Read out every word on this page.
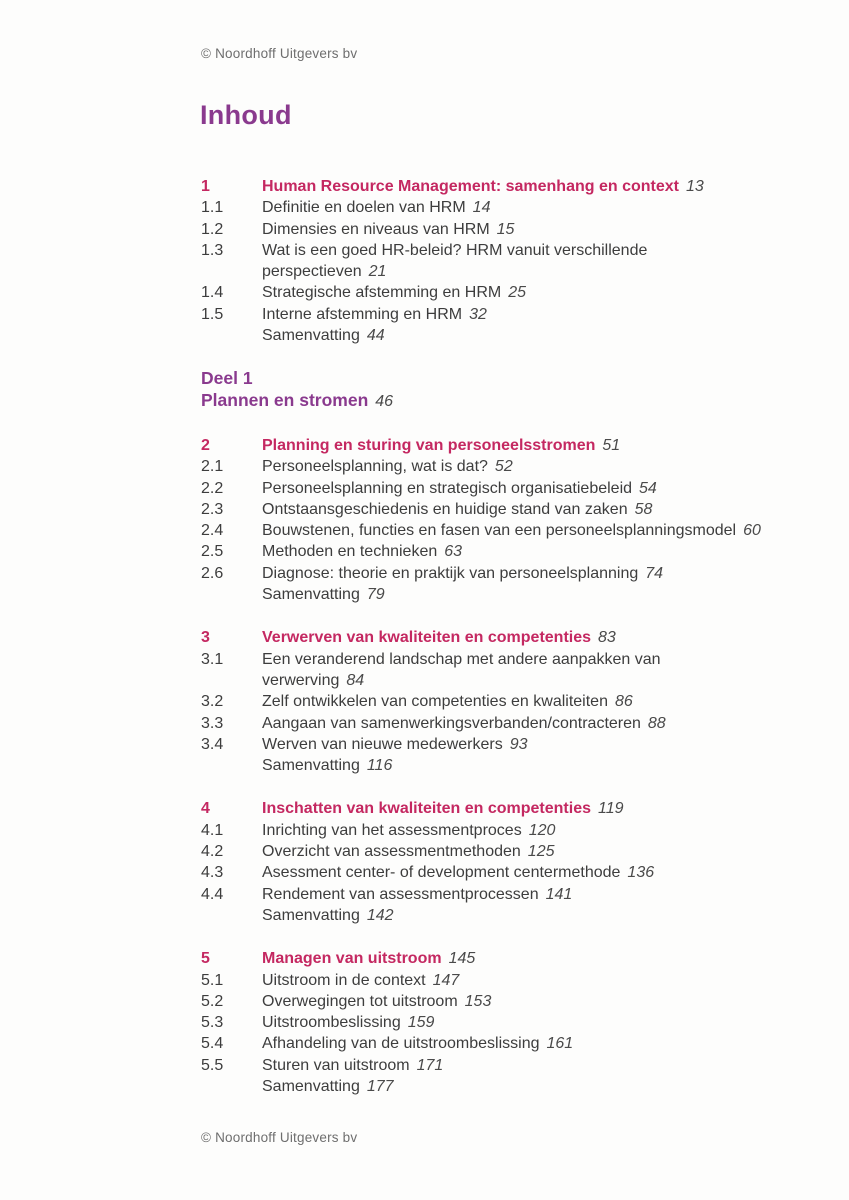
© Noordhoff Uitgevers bv
Inhoud
1	Human Resource Management: samenhang en context 13
1.1	Definitie en doelen van HRM 14
1.2	Dimensies en niveaus van HRM 15
1.3	Wat is een goed HR-beleid? HRM vanuit verschillende
perspectieven 21
1.4	Strategische afstemming en HRM 25
1.5	Interne afstemming en HRM 32
Samenvatting 44
Deel 1
Plannen en stromen 46
2	Planning en sturing van personeelsstromen 51
2.1	Personeelsplanning, wat is dat? 52
2.2	Personeelsplanning en strategisch organisatiebeleid 54
2.3	Ontstaansgeschiedenis en huidige stand van zaken 58
2.4	Bouwstenen, functies en fasen van een personeelsplanningsmodel 60
2.5	Methoden en technieken 63
2.6	Diagnose: theorie en praktijk van personeelsplanning 74
Samenvatting 79
3	Verwerven van kwaliteiten en competenties 83
3.1	Een veranderend landschap met andere aanpakken van
verwerving 84
3.2	Zelf ontwikkelen van competenties en kwaliteiten 86
3.3	Aangaan van samenwerkingsverbanden/contracteren 88
3.4	Werven van nieuwe medewerkers 93
Samenvatting 116
4	Inschatten van kwaliteiten en competenties 119
4.1	Inrichting van het assessmentproces 120
4.2	Overzicht van assessmentmethoden 125
4.3	Asessment center- of development centermethode 136
4.4	Rendement van assessmentprocessen 141
Samenvatting 142
5	Managen van uitstroom 145
5.1	Uitstroom in de context 147
5.2	Overwegingen tot uitstroom 153
5.3	Uitstroombeslissing 159
5.4	Afhandeling van de uitstroombeslissing 161
5.5	Sturen van uitstroom 171
Samenvatting 177
© Noordhoff Uitgevers bv
